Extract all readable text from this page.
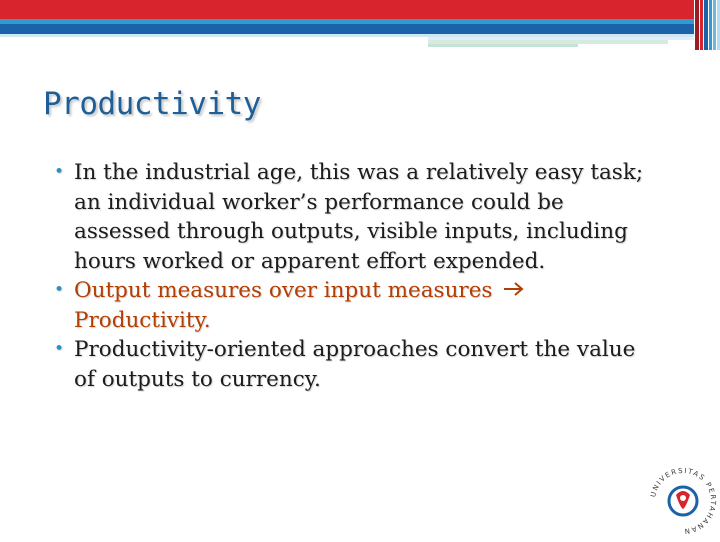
Productivity
• In the industrial age, this was a relatively easy task; an individual worker’s performance could be assessed through outputs, visible inputs, including hours worked or apparent effort expended.
• Output measures over input measures
Productivity.
• Productivity-oriented approaches convert the value of outputs to currency.
UNIVERSITAS PERTAHANAN
